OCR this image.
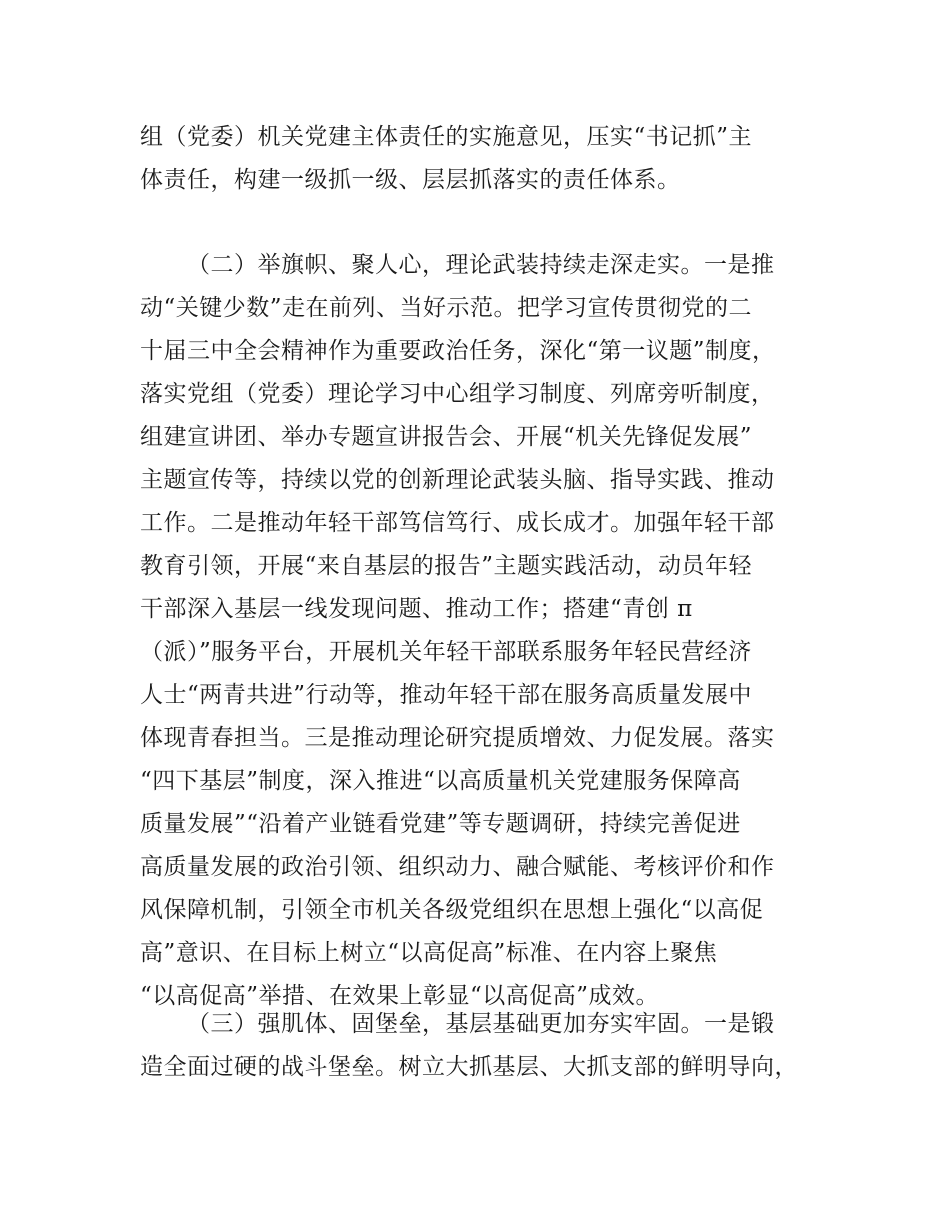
组（党委）机关党建主体责任的实施意见，压实“书记抓”主
体责任，构建一级抓一级、层层抓落实的责任体系。
（二）举旗帜、聚人心，理论武装持续走深走实。一是推
动“关键少数”走在前列、当好示范。把学习宣传贯彻党的二
十届三中全会精神作为重要政治任务，深化“第一议题”制度，
落实党组（党委）理论学习中心组学习制度、列席旁听制度，
组建宣讲团、举办专题宣讲报告会、开展“机关先锋促发展”
主题宣传等，持续以党的创新理论武装头脑、指导实践、推动
工作。二是推动年轻干部笃信笃行、成长成才。加强年轻干部
教育引领，开展“来自基层的报告”主题实践活动，动员年轻
干部深入基层一线发现问题、推动工作；搭建“青创 π
（派）”服务平台，开展机关年轻干部联系服务年轻民营经济
人士“两青共进”行动等，推动年轻干部在服务高质量发展中
体现青春担当。三是推动理论研究提质增效、力促发展。落实
“四下基层”制度，深入推进“以高质量机关党建服务保障高
质量发展”“沿着产业链看党建”等专题调研，持续完善促进
高质量发展的政治引领、组织动力、融合赋能、考核评价和作
风保障机制，引领全市机关各级党组织在思想上强化“以高促
高”意识、在目标上树立“以高促高”标准、在内容上聚焦
“以高促高”举措、在效果上彰显“以高促高”成效。
（三）强肌体、固堡垒，基层基础更加夯实牢固。一是锻
造全面过硬的战斗堡垒。树立大抓基层、大抓支部的鲜明导向，
